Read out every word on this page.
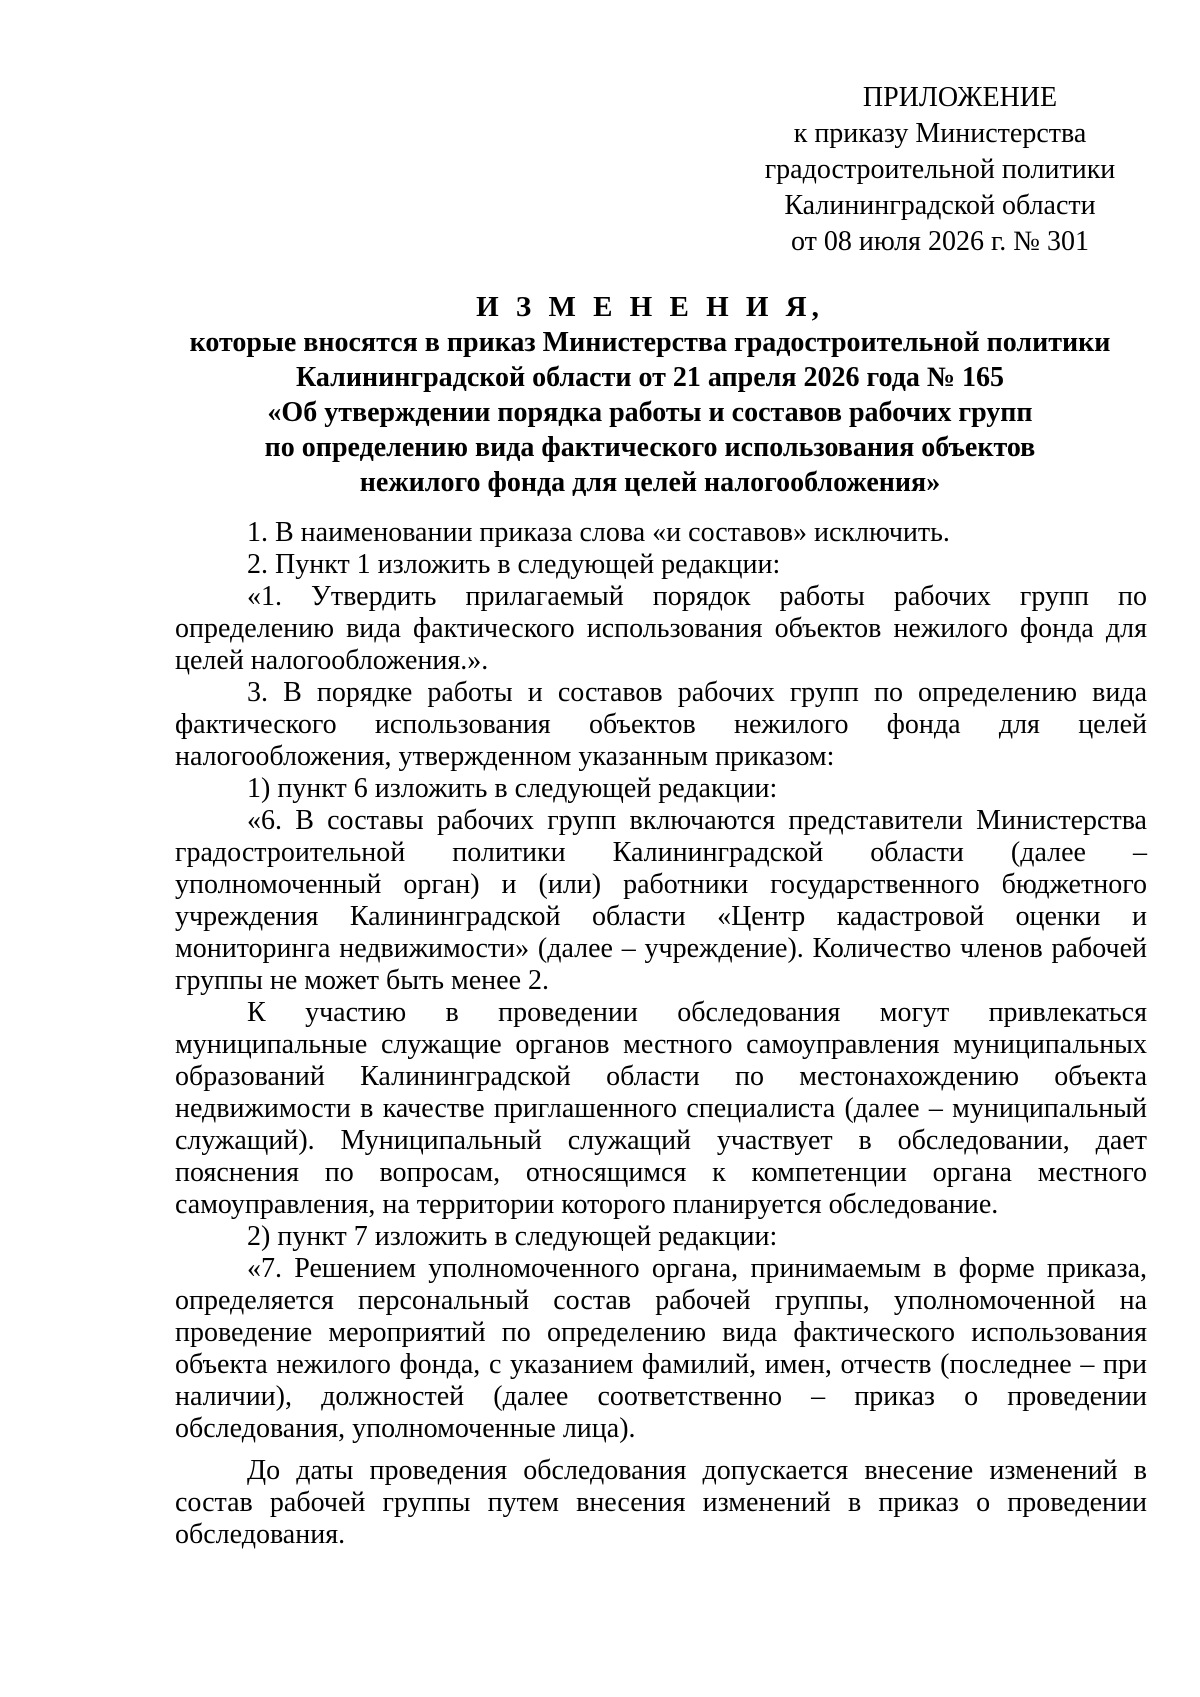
ПРИЛОЖЕНИЕ
к приказу Министерства
градостроительной политики
Калининградской области
от 08 июля 2026 г. № 301
И З М Е Н Е Н И Я,
которые вносятся в приказ Министерства градостроительной политики
Калининградской области от 21 апреля 2026 года № 165
«Об утверждении порядка работы и составов рабочих групп
по определению вида фактического использования объектов
нежилого фонда для целей налогообложения»

1. В наименовании приказа слова «и составов» исключить.

2. Пункт 1 изложить в следующей редакции:

«1. Утвердить прилагаемый порядок работы рабочих групп по определению вида фактического использования объектов нежилого фонда для целей налогообложения.».

3. В порядке работы и составов рабочих групп по определению вида фактического использования объектов нежилого фонда для целей налогообложения, утвержденном указанным приказом:

1) пункт 6 изложить в следующей редакции:

«6. В составы рабочих групп включаются представители Министерства градостроительной политики Калининградской области (далее – уполномоченный орган) и (или) работники государственного бюджетного учреждения Калининградской области «Центр кадастровой оценки и мониторинга недвижимости» (далее – учреждение). Количество членов рабочей группы не может быть менее 2.

К участию в проведении обследования могут привлекаться муниципальные служащие органов местного самоуправления муниципальных образований Калининградской области по местонахождению объекта недвижимости в качестве приглашенного специалиста (далее – муниципальный служащий). Муниципальный служащий участвует в обследовании, дает пояснения по вопросам, относящимся к компетенции органа местного самоуправления, на территории которого планируется обследование.

2) пункт 7 изложить в следующей редакции:

«7. Решением уполномоченного органа, принимаемым в форме приказа, определяется персональный состав рабочей группы, уполномоченной на проведение мероприятий по определению вида фактического использования объекта нежилого фонда, с указанием фамилий, имен, отчеств (последнее – при наличии), должностей (далее соответственно – приказ о проведении обследования, уполномоченные лица).

До даты проведения обследования допускается внесение изменений в состав рабочей группы путем внесения изменений в приказ о проведении обследования.
